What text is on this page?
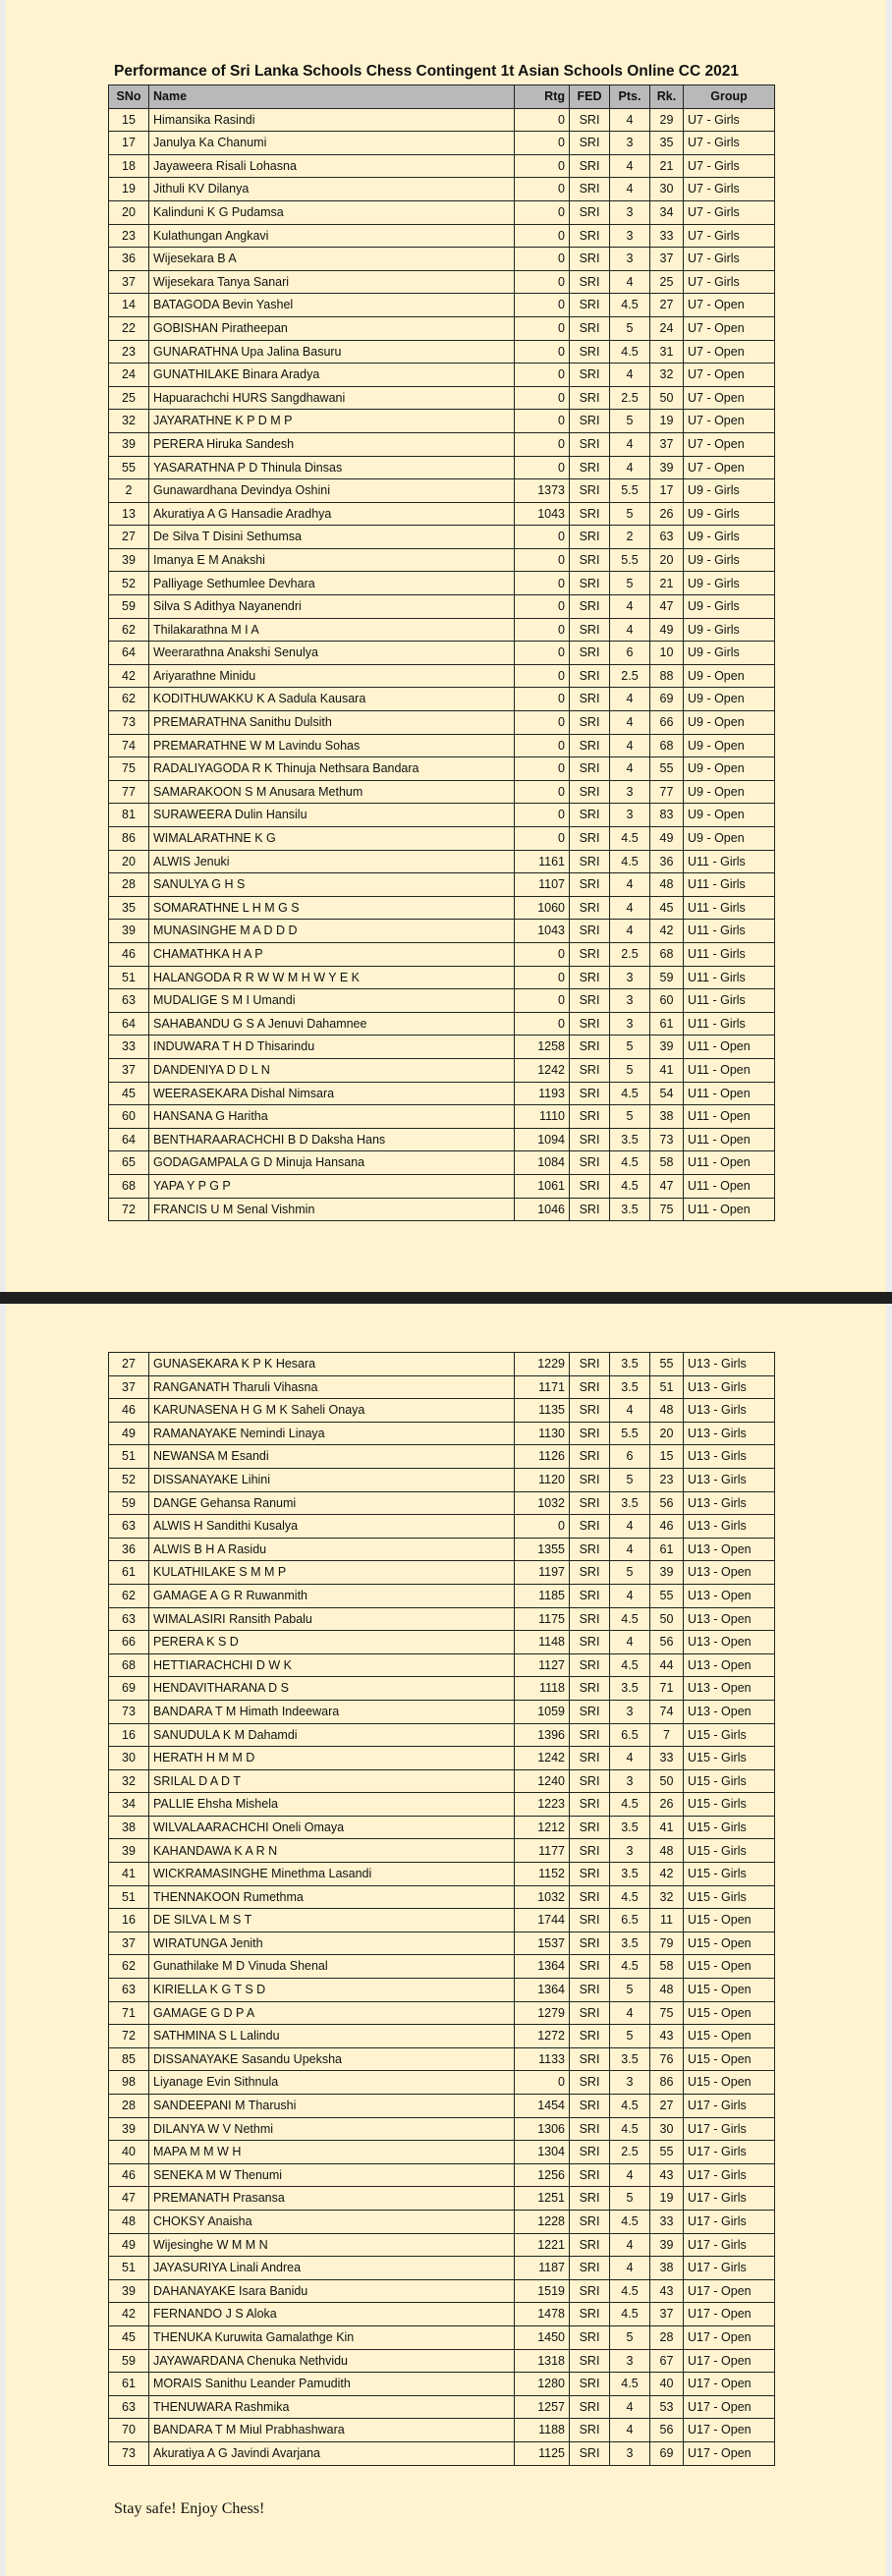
Performance of Sri Lanka Schools Chess Contingent 1t Asian Schools Online CC 2021
SNo	Name	Rtg	FED	Pts.	Rk.	Group
15	Himansika Rasindi	0	SRI	4	29	U7 - Girls
17	Janulya Ka Chanumi	0	SRI	3	35	U7 - Girls
18	Jayaweera Risali Lohasna	0	SRI	4	21	U7 - Girls
19	Jithuli KV Dilanya	0	SRI	4	30	U7 - Girls
20	Kalinduni K G Pudamsa	0	SRI	3	34	U7 - Girls
23	Kulathungan Angkavi	0	SRI	3	33	U7 - Girls
36	Wijesekara B A	0	SRI	3	37	U7 - Girls
37	Wijesekara Tanya Sanari	0	SRI	4	25	U7 - Girls
14	BATAGODA Bevin Yashel	0	SRI	4.5	27	U7 - Open
22	GOBISHAN Piratheepan	0	SRI	5	24	U7 - Open
23	GUNARATHNA Upa Jalina Basuru	0	SRI	4.5	31	U7 - Open
24	GUNATHILAKE Binara Aradya	0	SRI	4	32	U7 - Open
25	Hapuarachchi HURS Sangdhawani	0	SRI	2.5	50	U7 - Open
32	JAYARATHNE K P D M P	0	SRI	5	19	U7 - Open
39	PERERA Hiruka Sandesh	0	SRI	4	37	U7 - Open
55	YASARATHNA P D Thinula Dinsas	0	SRI	4	39	U7 - Open
2	Gunawardhana Devindya Oshini	1373	SRI	5.5	17	U9 - Girls
13	Akuratiya A G Hansadie Aradhya	1043	SRI	5	26	U9 - Girls
27	De Silva T Disini Sethumsa	0	SRI	2	63	U9 - Girls
39	Imanya E M Anakshi	0	SRI	5.5	20	U9 - Girls
52	Palliyage Sethumlee Devhara	0	SRI	5	21	U9 - Girls
59	Silva S Adithya Nayanendri	0	SRI	4	47	U9 - Girls
62	Thilakarathna M I A	0	SRI	4	49	U9 - Girls
64	Weerarathna Anakshi Senulya	0	SRI	6	10	U9 - Girls
42	Ariyarathne Minidu	0	SRI	2.5	88	U9 - Open
62	KODITHUWAKKU K A Sadula Kausara	0	SRI	4	69	U9 - Open
73	PREMARATHNA Sanithu Dulsith	0	SRI	4	66	U9 - Open
74	PREMARATHNE W M Lavindu Sohas	0	SRI	4	68	U9 - Open
75	RADALIYAGODA R K Thinuja Nethsara Bandara	0	SRI	4	55	U9 - Open
77	SAMARAKOON S M Anusara Methum	0	SRI	3	77	U9 - Open
81	SURAWEERA Dulin Hansilu	0	SRI	3	83	U9 - Open
86	WIMALARATHNE K G	0	SRI	4.5	49	U9 - Open
20	ALWIS Jenuki	1161	SRI	4.5	36	U11 - Girls
28	SANULYA G H S	1107	SRI	4	48	U11 - Girls
35	SOMARATHNE L H M G S	1060	SRI	4	45	U11 - Girls
39	MUNASINGHE M A D D D	1043	SRI	4	42	U11 - Girls
46	CHAMATHKA H A P	0	SRI	2.5	68	U11 - Girls
51	HALANGODA R R W W M H W Y E K	0	SRI	3	59	U11 - Girls
63	MUDALIGE S M I Umandi	0	SRI	3	60	U11 - Girls
64	SAHABANDU G S A Jenuvi Dahamnee	0	SRI	3	61	U11 - Girls
33	INDUWARA T H D Thisarindu	1258	SRI	5	39	U11 - Open
37	DANDENIYA D D L N	1242	SRI	5	41	U11 - Open
45	WEERASEKARA Dishal Nimsara	1193	SRI	4.5	54	U11 - Open
60	HANSANA G Haritha	1110	SRI	5	38	U11 - Open
64	BENTHARAARACHCHI B D Daksha Hans	1094	SRI	3.5	73	U11 - Open
65	GODAGAMPALA G D Minuja Hansana	1084	SRI	4.5	58	U11 - Open
68	YAPA Y P G P	1061	SRI	4.5	47	U11 - Open
72	FRANCIS U M Senal Vishmin	1046	SRI	3.5	75	U11 - Open
27	GUNASEKARA K P K Hesara	1229	SRI	3.5	55	U13 - Girls
37	RANGANATH Tharuli Vihasna	1171	SRI	3.5	51	U13 - Girls
46	KARUNASENA H G M K Saheli Onaya	1135	SRI	4	48	U13 - Girls
49	RAMANAYAKE Nemindi Linaya	1130	SRI	5.5	20	U13 - Girls
51	NEWANSA M Esandi	1126	SRI	6	15	U13 - Girls
52	DISSANAYAKE Lihini	1120	SRI	5	23	U13 - Girls
59	DANGE Gehansa Ranumi	1032	SRI	3.5	56	U13 - Girls
63	ALWIS H Sandithi Kusalya	0	SRI	4	46	U13 - Girls
36	ALWIS B H A Rasidu	1355	SRI	4	61	U13 - Open
61	KULATHILAKE S M M P	1197	SRI	5	39	U13 - Open
62	GAMAGE A G R Ruwanmith	1185	SRI	4	55	U13 - Open
63	WIMALASIRI Ransith Pabalu	1175	SRI	4.5	50	U13 - Open
66	PERERA K S D	1148	SRI	4	56	U13 - Open
68	HETTIARACHCHI D W K	1127	SRI	4.5	44	U13 - Open
69	HENDAVITHARANA D S	1118	SRI	3.5	71	U13 - Open
73	BANDARA T M Himath Indeewara	1059	SRI	3	74	U13 - Open
16	SANUDULA K M Dahamdi	1396	SRI	6.5	7	U15 - Girls
30	HERATH H M M D	1242	SRI	4	33	U15 - Girls
32	SRILAL D A D T	1240	SRI	3	50	U15 - Girls
34	PALLIE Ehsha Mishela	1223	SRI	4.5	26	U15 - Girls
38	WILVALAARACHCHI Oneli Omaya	1212	SRI	3.5	41	U15 - Girls
39	KAHANDAWA K A R N	1177	SRI	3	48	U15 - Girls
41	WICKRAMASINGHE Minethma Lasandi	1152	SRI	3.5	42	U15 - Girls
51	THENNAKOON Rumethma	1032	SRI	4.5	32	U15 - Girls
16	DE SILVA L M S T	1744	SRI	6.5	11	U15 - Open
37	WIRATUNGA Jenith	1537	SRI	3.5	79	U15 - Open
62	Gunathilake M D Vinuda Shenal	1364	SRI	4.5	58	U15 - Open
63	KIRIELLA K G T S D	1364	SRI	5	48	U15 - Open
71	GAMAGE G D P A	1279	SRI	4	75	U15 - Open
72	SATHMINA S L Lalindu	1272	SRI	5	43	U15 - Open
85	DISSANAYAKE Sasandu Upeksha	1133	SRI	3.5	76	U15 - Open
98	Liyanage Evin Sithnula	0	SRI	3	86	U15 - Open
28	SANDEEPANI M Tharushi	1454	SRI	4.5	27	U17 - Girls
39	DILANYA W V Nethmi	1306	SRI	4.5	30	U17 - Girls
40	MAPA M M W H	1304	SRI	2.5	55	U17 - Girls
46	SENEKA M W Thenumi	1256	SRI	4	43	U17 - Girls
47	PREMANATH Prasansa	1251	SRI	5	19	U17 - Girls
48	CHOKSY Anaisha	1228	SRI	4.5	33	U17 - Girls
49	Wijesinghe W M M N	1221	SRI	4	39	U17 - Girls
51	JAYASURIYA Linali Andrea	1187	SRI	4	38	U17 - Girls
39	DAHANAYAKE Isara Banidu	1519	SRI	4.5	43	U17 - Open
42	FERNANDO J S Aloka	1478	SRI	4.5	37	U17 - Open
45	THENUKA Kuruwita Gamalathge Kin	1450	SRI	5	28	U17 - Open
59	JAYAWARDANA Chenuka Nethvidu	1318	SRI	3	67	U17 - Open
61	MORAIS Sanithu Leander Pamudith	1280	SRI	4.5	40	U17 - Open
63	THENUWARA Rashmika	1257	SRI	4	53	U17 - Open
70	BANDARA T M Miul Prabhashwara	1188	SRI	4	56	U17 - Open
73	Akuratiya A G Javindi Avarjana	1125	SRI	3	69	U17 - Open
Stay safe! Enjoy Chess!
